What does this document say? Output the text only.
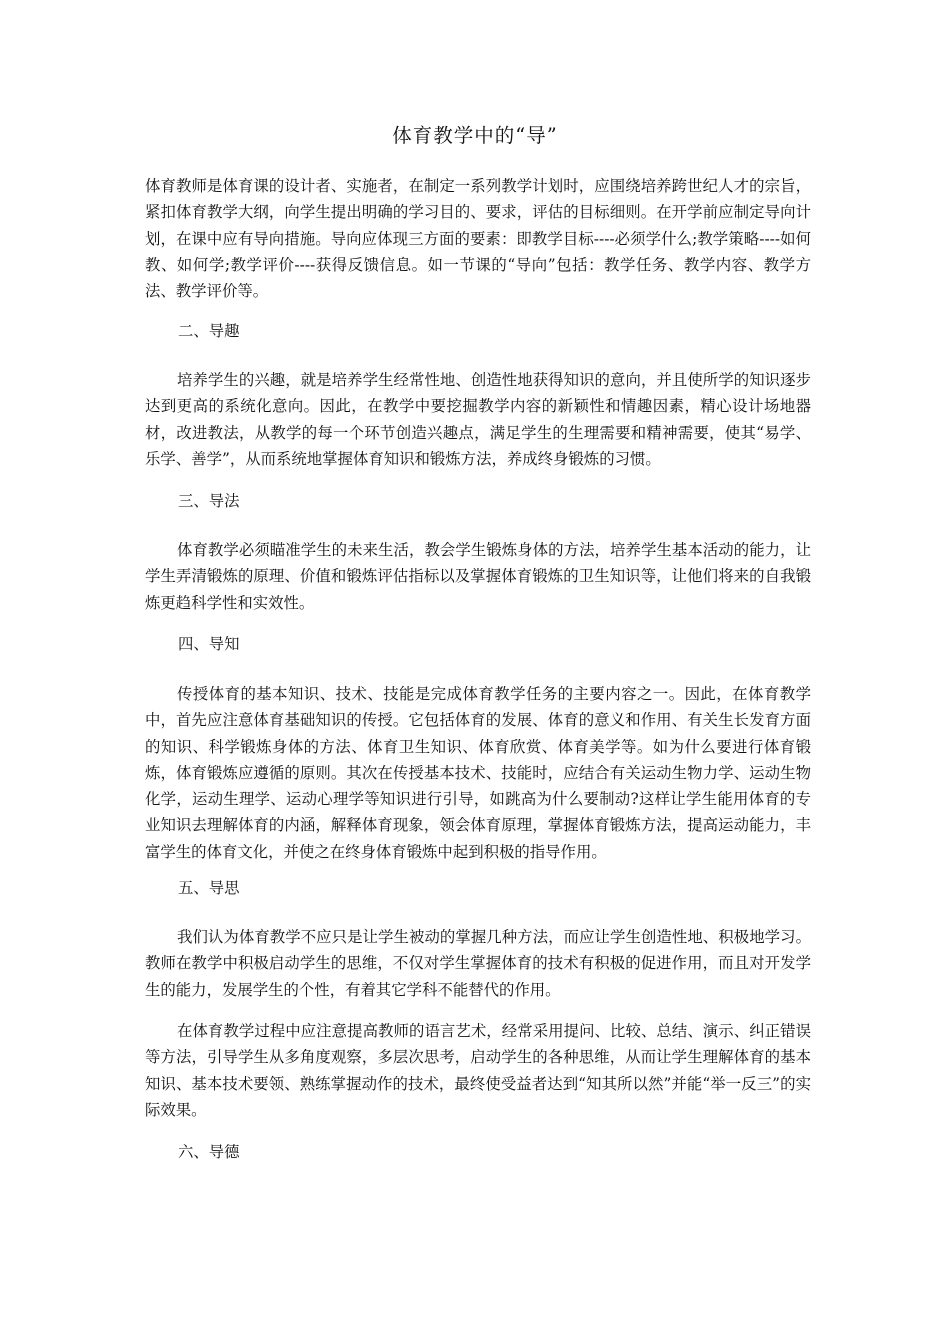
体育教学中的“导”

体育教师是体育课的设计者、实施者，在制定一系列教学计划时，应围绕培养跨世纪人才的宗旨，紧扣体育教学大纲，向学生提出明确的学习目的、要求，评估的目标细则。在开学前应制定导向计划，在课中应有导向措施。导向应体现三方面的要素：即教学目标----必须学什么;教学策略----如何教、如何学;教学评价----获得反馈信息。如一节课的“导向”包括：教学任务、教学内容、教学方法、教学评价等。

二、导趣

培养学生的兴趣，就是培养学生经常性地、创造性地获得知识的意向，并且使所学的知识逐步达到更高的系统化意向。因此，在教学中要挖掘教学内容的新颖性和情趣因素，精心设计场地器材，改进教法，从教学的每一个环节创造兴趣点，满足学生的生理需要和精神需要，使其“易学、乐学、善学”，从而系统地掌握体育知识和锻炼方法，养成终身锻炼的习惯。

三、导法

体育教学必须瞄准学生的未来生活，教会学生锻炼身体的方法，培养学生基本活动的能力，让学生弄清锻炼的原理、价值和锻炼评估指标以及掌握体育锻炼的卫生知识等，让他们将来的自我锻炼更趋科学性和实效性。

四、导知

传授体育的基本知识、技术、技能是完成体育教学任务的主要内容之一。因此，在体育教学中，首先应注意体育基础知识的传授。它包括体育的发展、体育的意义和作用、有关生长发育方面的知识、科学锻炼身体的方法、体育卫生知识、体育欣赏、体育美学等。如为什么要进行体育锻炼，体育锻炼应遵循的原则。其次在传授基本技术、技能时，应结合有关运动生物力学、运动生物化学，运动生理学、运动心理学等知识进行引导，如跳高为什么要制动?这样让学生能用体育的专业知识去理解体育的内涵，解释体育现象，领会体育原理，掌握体育锻炼方法，提高运动能力，丰富学生的体育文化，并使之在终身体育锻炼中起到积极的指导作用。

五、导思

我们认为体育教学不应只是让学生被动的掌握几种方法，而应让学生创造性地、积极地学习。教师在教学中积极启动学生的思维，不仅对学生掌握体育的技术有积极的促进作用，而且对开发学生的能力，发展学生的个性，有着其它学科不能替代的作用。

在体育教学过程中应注意提高教师的语言艺术，经常采用提问、比较、总结、演示、纠正错误等方法，引导学生从多角度观察，多层次思考，启动学生的各种思维，从而让学生理解体育的基本知识、基本技术要领、熟练掌握动作的技术，最终使受益者达到“知其所以然”并能“举一反三”的实际效果。

六、导德
